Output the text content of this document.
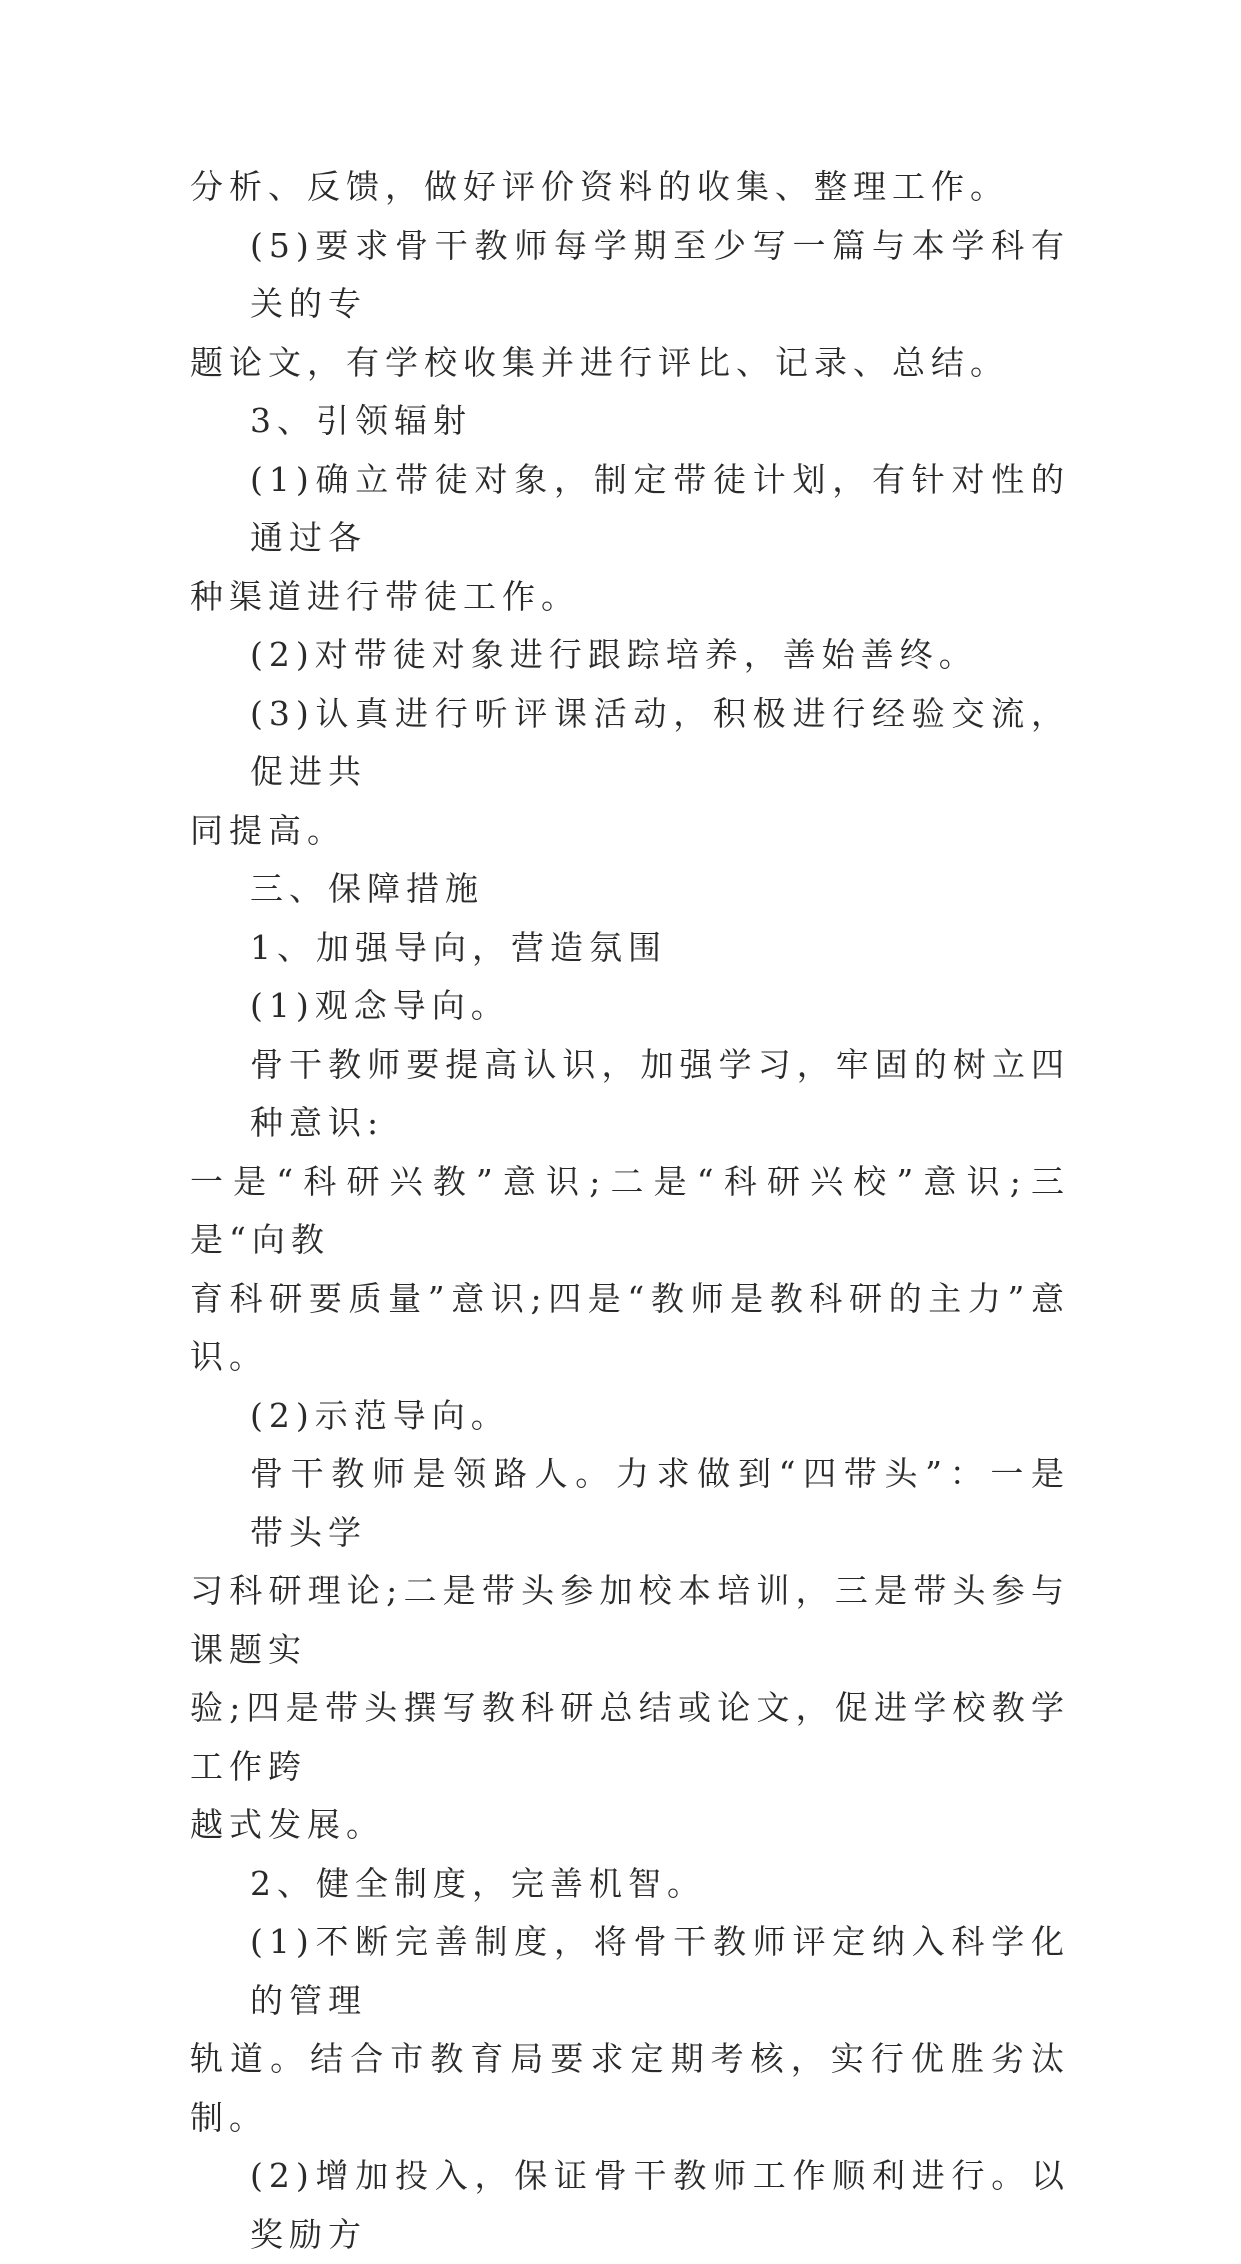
分析、反馈，做好评价资料的收集、整理工作。
(5)要求骨干教师每学期至少写一篇与本学科有关的专
题论文，有学校收集并进行评比、记录、总结。
3、引领辐射
(1)确立带徒对象，制定带徒计划，有针对性的通过各
种渠道进行带徒工作。
(2)对带徒对象进行跟踪培养，善始善终。
(3)认真进行听评课活动，积极进行经验交流，促进共
同提高。
三、保障措施
1、加强导向，营造氛围
(1)观念导向。
骨干教师要提高认识，加强学习，牢固的树立四种意识:
一是“科研兴教”意识;二是“科研兴校”意识;三是“向教
育科研要质量”意识;四是“教师是教科研的主力”意识。
(2)示范导向。
骨干教师是领路人。力求做到“四带头”：一是带头学
习科研理论;二是带头参加校本培训，三是带头参与课题实
验;四是带头撰写教科研总结或论文，促进学校教学工作跨
越式发展。
2、健全制度，完善机智。
(1)不断完善制度，将骨干教师评定纳入科学化的管理
轨道。结合市教育局要求定期考核，实行优胜劣汰制。
(2)增加投入，保证骨干教师工作顺利进行。以奖励方
